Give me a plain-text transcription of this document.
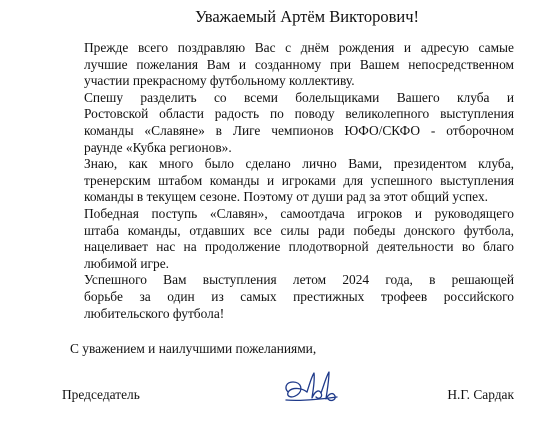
Уважаемый Артём Викторович!

Прежде всего поздравляю Вас с днём рождения и адресую самые
лучшие пожелания Вам и созданному при Вашем непосредственном
участии прекрасному футбольному коллективу.

Спешу разделить со всеми болельщиками Вашего клуба и
Ростовской области радость по поводу великолепного выступления
команды «Славяне» в Лиге чемпионов ЮФО/СКФО - отборочном
раунде «Кубка регионов».

Знаю, как много было сделано лично Вами, президентом клуба,
тренерским штабом команды и игроками для успешного выступления
команды в текущем сезоне. Поэтому от души рад за этот общий успех.

Победная поступь «Славян», самоотдача игроков и руководящего
штаба команды, отдавших все силы ради победы донского футбола,
нацеливает нас на продолжение плодотворной деятельности во благо
любимой игре.

Успешного Вам выступления летом 2024 года, в решающей
борьбе за один из самых престижных трофеев российского
любительского футбола!

С уважением и наилучшими пожеланиями,
Председатель	Н.Г. Сардак
